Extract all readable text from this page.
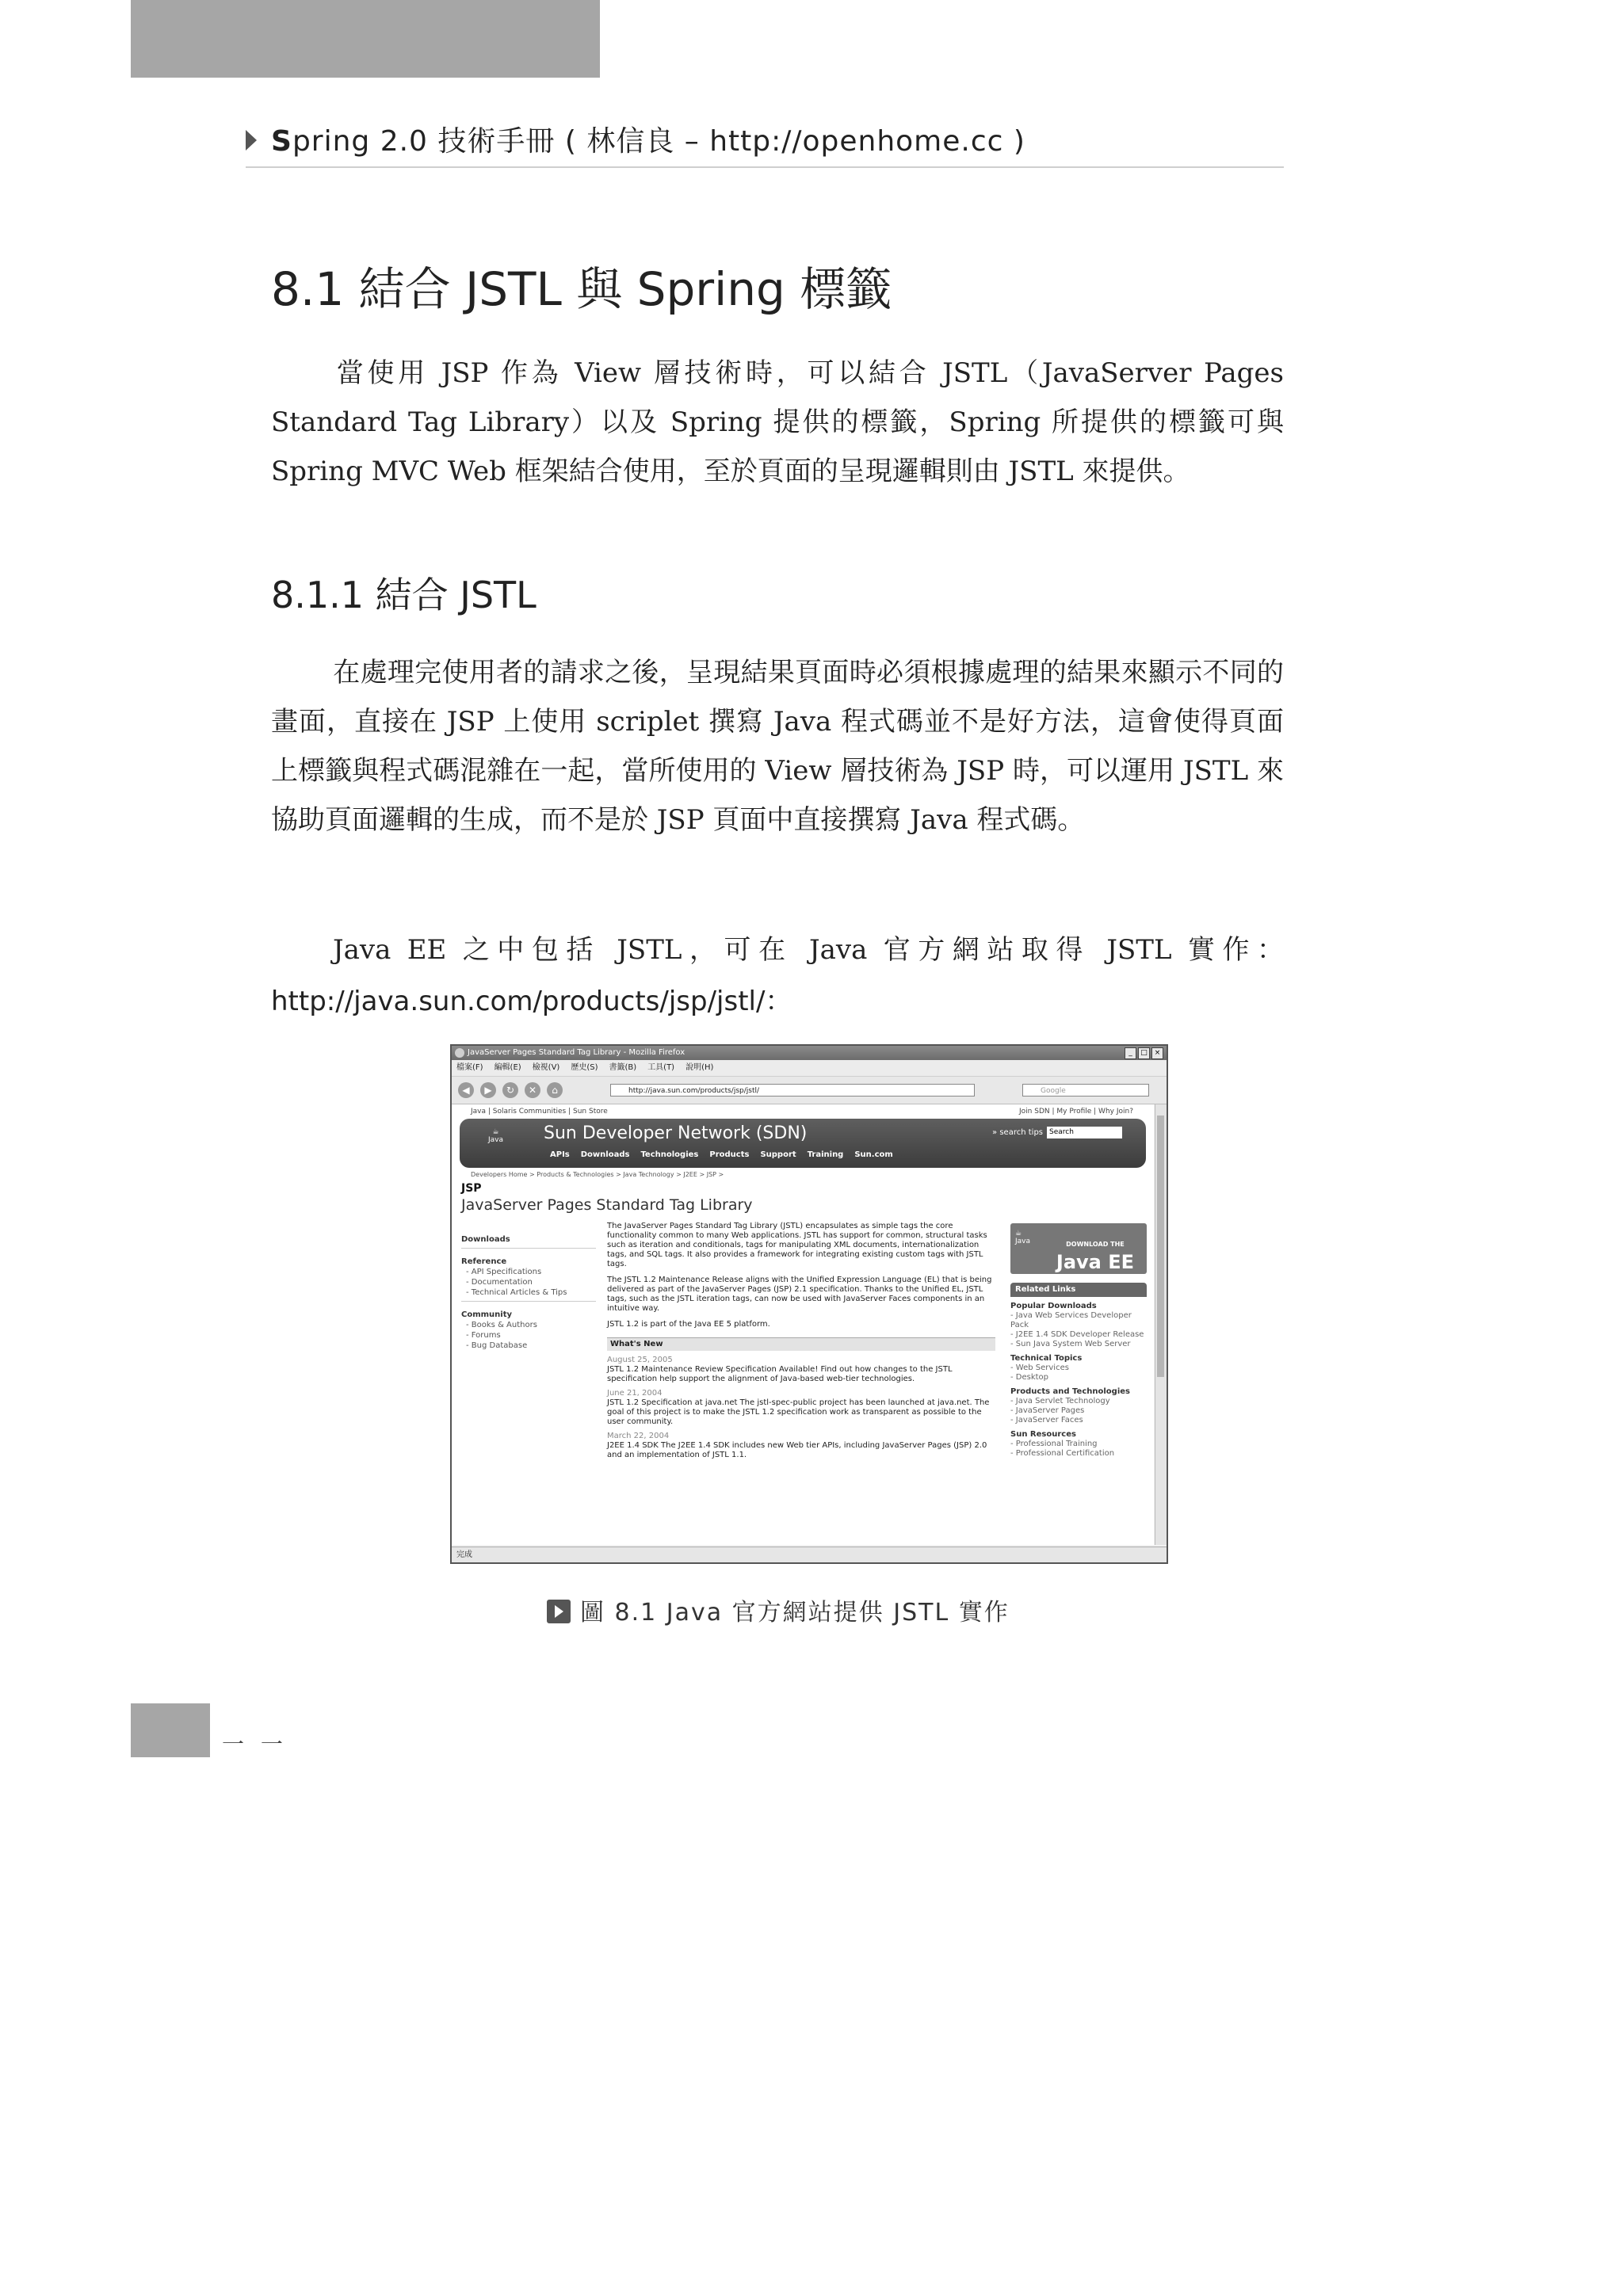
Spring 2.0 技術手冊 ( 林信良 – http://openhome.cc )
8.1 結合 JSTL 與 Spring 標籤

當使用 JSP 作為 View 層技術時，可以結合 JSTL（JavaServer Pages Standard Tag Library）以及 Spring 提供的標籤，Spring 所提供的標籤可與 Spring MVC Web 框架結合使用，至於頁面的呈現邏輯則由 JSTL 來提供。

8.1.1 結合 JSTL

在處理完使用者的請求之後，呈現結果頁面時必須根據處理的結果來顯示不同的畫面，直接在 JSP 上使用 scriplet 撰寫 Java 程式碼並不是好方法，這會使得頁面上標籤與程式碼混雜在一起，當所使用的 View 層技術為 JSP 時，可以運用 JSTL 來協助頁面邏輯的生成，而不是於 JSP 頁面中直接撰寫 Java 程式碼。

Java EE 之中包括 JSTL，可在 Java 官方網站取得 JSTL 實作：

http://java.sun.com/products/jsp/jstl/：
JavaServer Pages Standard Tag Library - Mozilla Firefox	_	□ ×
檔案(F) 編輯(E) 檢視(V) 歷史(S) 書籤(B) 工具(T) 說明(H)
◀	▶	↻	✕	⌂	http://java.sun.com/products/jsp/jstl/	Google
Java | Solaris Communities | Sun Store	Join SDN | My Profile | Why Join?
☕
Java Sun Developer Network (SDN)
APIs Downloads Technologies Products Support Training Sun.com
» search tips Search
Developers Home > Products & Technologies > Java Technology > J2EE > JSP >
JSP
JavaServer Pages Standard Tag Library
Downloads
Reference
- API Specifications
- Documentation
- Technical Articles & Tips
Community
- Books & Authors
- Forums
- Bug Database

The JavaServer Pages Standard Tag Library (JSTL) encapsulates as simple tags the core functionality common to many Web applications. JSTL has support for common, structural tasks such as iteration and conditionals, tags for manipulating XML documents, internationalization tags, and SQL tags. It also provides a framework for integrating existing custom tags with JSTL tags.

The JSTL 1.2 Maintenance Release aligns with the Unified Expression Language (EL) that is being delivered as part of the JavaServer Pages (JSP) 2.1 specification. Thanks to the Unified EL, JSTL tags, such as the JSTL iteration tags, can now be used with JavaServer Faces components in an intuitive way.

JSTL 1.2 is part of the Java EE 5 platform.

What's New
August 25, 2005
JSTL 1.2 Maintenance Review Specification Available! Find out how changes to the JSTL specification help support the alignment of Java-based web-tier technologies.
June 21, 2004
JSTL 1.2 Specification at java.net The jstl-spec-public project has been launched at java.net. The goal of this project is to make the JSTL 1.2 specification work as transparent as possible to the user community.
March 22, 2004
J2EE 1.4 SDK The J2EE 1.4 SDK includes new Web tier APIs, including JavaServer Pages (JSP) 2.0 and an implementation of JSTL 1.1.
☕
Java	DOWNLOAD THE
Java EE

Related Links
Popular Downloads
- Java Web Services Developer Pack
- J2EE 1.4 SDK Developer Release
- Sun Java System Web Server
Technical Topics
- Web Services
- Desktop
Products and Technologies
- Java Servlet Technology
- JavaServer Pages
- JavaServer Faces
Sun Resources
- Professional Training
- Professional Certification
完成
圖 8.1 Java 官方網站提供 JSTL 實作
一 一
